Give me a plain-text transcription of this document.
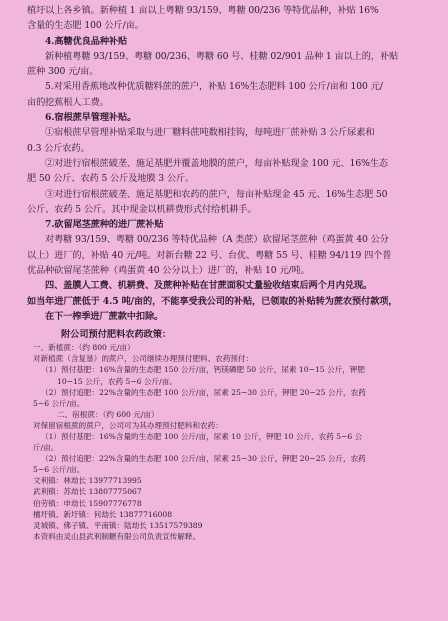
植圩以上各乡镇。新种植 1 亩以上粤糖 93/159、粤糖 00/236 等特优品种，补贴 16%
含量的生态肥 100 公斤/亩。
4.高糖优良品种补贴
新种植粤糖 93/159、粤糖 00/236、粤糖 60 号、桂糖 02/901 品种 1 亩以上的，补贴
蔗种 300 元/亩。
5.对采用香蕉地改种优质糖料蔗的蔗户，补贴 16%生态肥料 100 公斤/亩和 100 元/
亩的挖蕉根人工费。
6.宿根蔗早管理补贴。
①宿根蔗早管理补贴采取与进厂糖料蔗吨数相挂钩，每吨进厂蔗补贴 3 公斤尿素和
0.3 公斤农药。
②对进行宿根蔗破垄、施足基肥并覆盖地膜的蔗户，每亩补贴现金 100 元、16%生态
肥 50 公斤、农药 5 公斤及地膜 3 公斤。
③对进行宿根蔗破垄、施足基肥和农药的蔗户，每亩补贴现金 45 元、16%生态肥 50
公斤、农药 5 公斤。其中现金以机耕费形式付给机耕手。
7.砍留尾茎蔗种的进厂蔗补贴
对粤糖 93/159、粤糖 00/236 等特优品种（A 类蔗）砍留尾茎蔗种（鸡蛋黄 40 公分
以上）进厂的，补贴 40 元/吨。对新台糖 22 号、台优、粤糖 55 号、桂糖 94/119 四个普
优品种砍留尾茎蔗种（鸡蛋黄 40 公分以上）进厂的，补贴 10 元/吨。
四、盖膜人工费、机耕费、及蔗种补贴在甘蔗面积丈量验收结束后两个月内兑现。
如当年进厂蔗低于 4.5 吨/亩的，不能享受我公司的补贴，已领取的补贴转为蔗农预付款项，
在下一榨季进厂蔗款中扣除。
附公司预付肥料农药政策：
一、新植蔗：（约 800 元/亩）
对新植蔗（含复垦）的蔗户，公司继续办理预付肥料、农药预付：
（1）预付基肥：16%含量的生态肥 150 公斤/亩，钙镁磷肥 50 公斤，尿素 10−15 公斤，钾肥
10−15 公斤，农药 5−6 公斤/亩。
（2）预付追肥：22%含量的生态肥 100 公斤/亩，尿素 25−30 公斤，钾肥 20−25 公斤，农药
5−6 公斤/亩。
二、宿根蔗：（约 600 元/亩）
对保留宿根蔗的蔗户，公司可为其办理预付肥料和农药：
（1）预付基肥：16%含量的生态肥 100 公斤/亩，尿素 10 公斤，钾肥 10 公斤，农药 5−6 公
斤/亩。
（2）预付追肥：22%含量的生态肥 100 公斤/亩，尿素 25−30 公斤，钾肥 20−25 公斤，农药
5−6 公斤/亩。
文利镇：林劫长 13977713995
武利镇：苏劫长 13807775067
伯劳镇：申劫长 15907776778
檀圩镇、新圩镇：何劫长 13877716008
灵城镇、佛子镇、平南镇：陆劫长 13517579389
本资料由灵山县武利制糖有限公司负责宣传解释。
